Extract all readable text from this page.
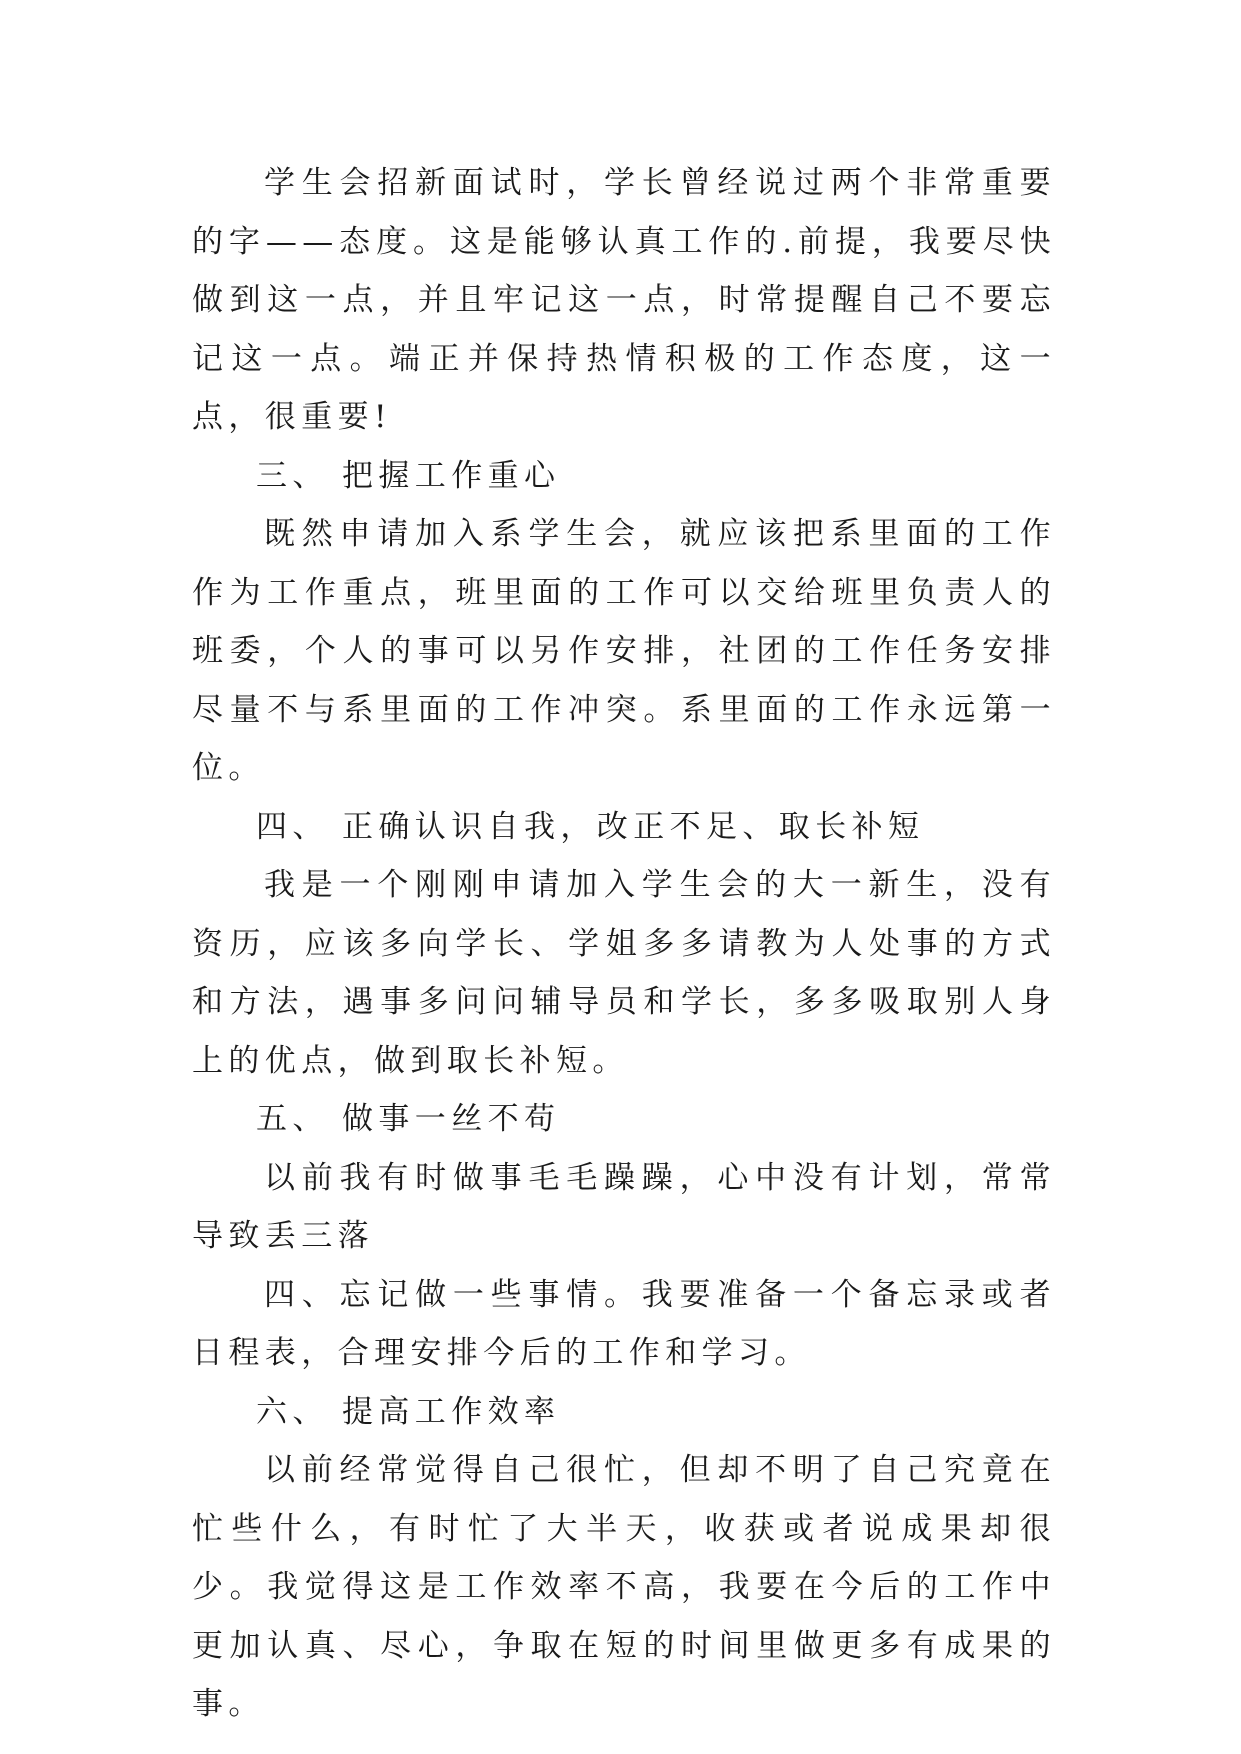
学生会招新面试时，学长曾经说过两个非常重要的字——态度。这是能够认真工作的.前提，我要尽快做到这一点，并且牢记这一点，时常提醒自己不要忘记这一点。端正并保持热情积极的工作态度，这一点，很重要!

三、 把握工作重心

既然申请加入系学生会，就应该把系里面的工作作为工作重点，班里面的工作可以交给班里负责人的班委，个人的事可以另作安排，社团的工作任务安排尽量不与系里面的工作冲突。系里面的工作永远第一位。

四、 正确认识自我，改正不足、取长补短

我是一个刚刚申请加入学生会的大一新生，没有资历，应该多向学长、学姐多多请教为人处事的方式和方法，遇事多问问辅导员和学长，多多吸取别人身上的优点，做到取长补短。

五、 做事一丝不苟

以前我有时做事毛毛躁躁，心中没有计划，常常导致丢三落

四、忘记做一些事情。我要准备一个备忘录或者日程表，合理安排今后的工作和学习。

六、 提高工作效率

以前经常觉得自己很忙，但却不明了自己究竟在忙些什么，有时忙了大半天，收获或者说成果却很少。我觉得这是工作效率不高，我要在今后的工作中更加认真、尽心，争取在短的时间里做更多有成果的事。
